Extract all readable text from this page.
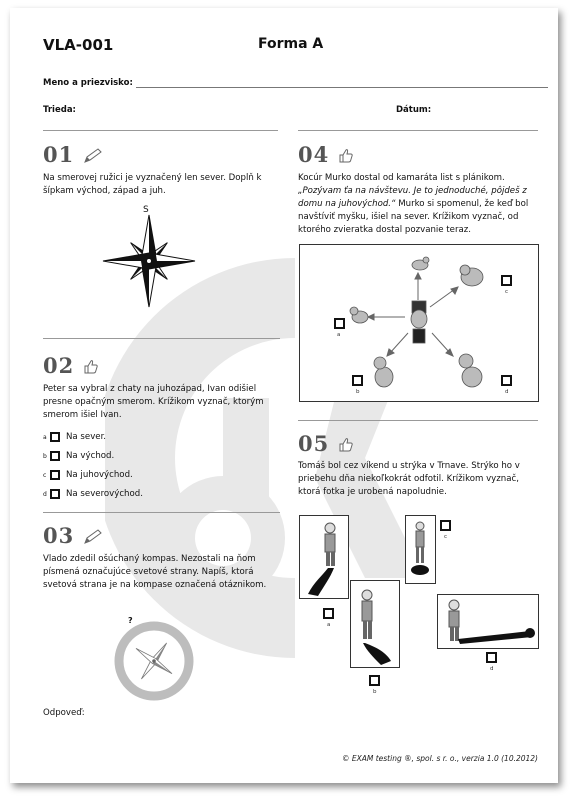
VLA-001	Forma A
Meno a priezvisko:
Trieda:	Dátum:
01
Na smerovej ružici je vyznačený len sever. Doplň k šípkam východ, západ a juh.
S
02
Peter sa vybral z chaty na juhozápad, Ivan odišiel presne opačným smerom. Krížikom vyznač, ktorým smerom išiel Ivan.
a	Na sever.
b	Na východ.
c	Na juhovýchod.
d	Na severovýchod.
03
Vlado zdedil ošúchaný kompas. Nezostali na ňom písmená označujúce svetové strany. Napíš, ktorá svetová strana je na kompase označená otáznikom.
?
Odpoveď:
04
Kocúr Murko dostal od kamaráta list s plánikom. „Pozývam ťa na návštevu. Je to jednoduché, pôjdeš z domu na juhovýchod.“ Murko si spomenul, že keď bol navštíviť myšku, išiel na sever. Krížikom vyznač, od ktorého zvieratka dostal pozvanie teraz.
a
b
c
d
05
Tomáš bol cez víkend u strýka v Trnave. Strýko ho v priebehu dňa niekoľkokrát odfotil. Krížikom vyznač, ktorá fotka je urobená napoludnie.
a
b
c
d
© EXAM testing ®, spol. s r. o., verzia 1.0 (10.2012)
